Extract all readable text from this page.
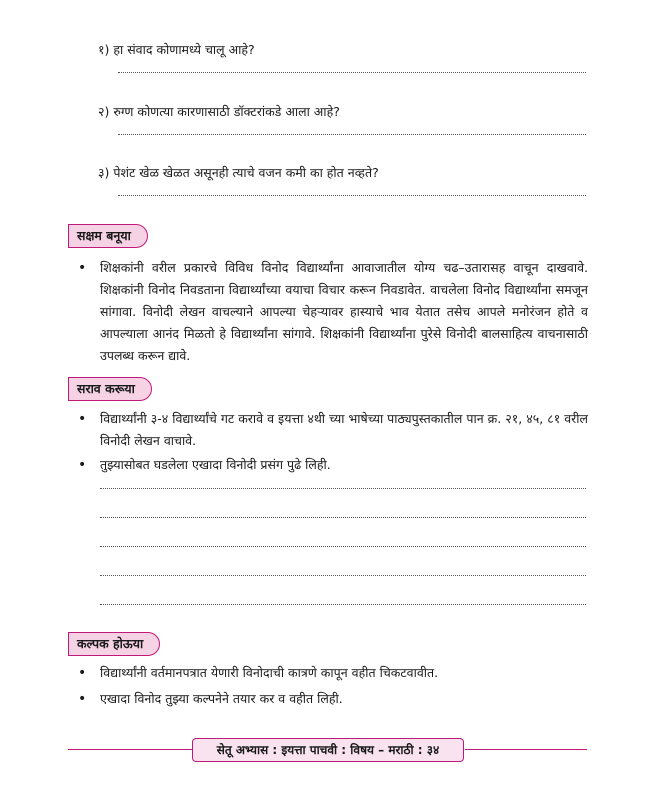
१) हा संवाद कोणामध्ये चालू आहे?
२) रुग्ण कोणत्या कारणासाठी डॉक्टरांकडे आला आहे?
३) पेशंट खेळ खेळत असूनही त्याचे वजन कमी का होत नव्हते?
सक्षम बनूया
• शिक्षकांनी वरील प्रकारचे विविध विनोद विद्यार्थ्यांना आवाजातील योग्य चढ–उतारासह वाचून दाखवावे. शिक्षकांनी विनोद निवडताना विद्यार्थ्यांच्या वयाचा विचार करून निवडावेत. वाचलेला विनोद विद्यार्थ्यांना समजून सांगावा. विनोदी लेखन वाचल्याने आपल्या चेहऱ्यावर हास्याचे भाव येतात तसेच आपले मनोरंजन होते व आपल्याला आनंद मिळतो हे विद्यार्थ्यांना सांगावे. शिक्षकांनी विद्यार्थ्यांना पुरेसे विनोदी बालसाहित्य वाचनासाठी उपलब्ध करून द्यावे.
सराव करूया
• विद्यार्थ्यांनी ३-४ विद्यार्थ्यांचे गट करावे व इयत्ता ४थी च्या भाषेच्या पाठ्यपुस्तकातील पान क्र. २१, ४५, ८१ वरील विनोदी लेखन वाचावे.
• तुझ्यासोबत घडलेला एखादा विनोदी प्रसंग पुढे लिही.
कल्पक होऊया
• विद्यार्थ्यांनी वर्तमानपत्रात येणारी विनोदाची कात्रणे कापून वहीत चिकटवावीत.
• एखादा विनोद तुझ्या कल्पनेने तयार कर व वहीत लिही.
सेतू अभ्यास : इयत्ता पाचवी : विषय – मराठी : ३४
